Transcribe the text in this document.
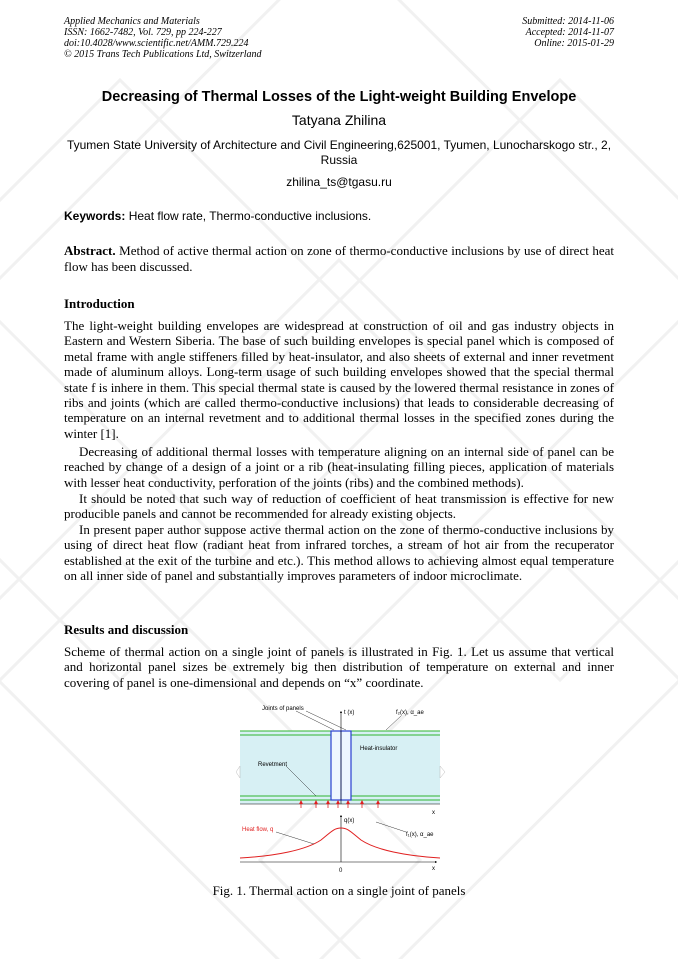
Applied Mechanics and Materials
ISSN: 1662-7482, Vol. 729, pp 224-227
doi:10.4028/www.scientific.net/AMM.729.224
© 2015 Trans Tech Publications Ltd, Switzerland
Submitted: 2014-11-06
Accepted: 2014-11-07
Online: 2015-01-29
Decreasing of Thermal Losses of the Light-weight Building Envelope
Tatyana Zhilina
Tyumen State University of Architecture and Civil Engineering,625001, Tyumen, Lunocharskogo str., 2, Russia
zhilina_ts@tgasu.ru
Keywords: Heat flow rate, Thermo-conductive inclusions.
Abstract. Method of active thermal action on zone of thermo-conductive inclusions by use of direct heat flow has been discussed.
Introduction
The light-weight building envelopes are widespread at construction of oil and gas industry objects in Eastern and Western Siberia. The base of such building envelopes is special panel which is composed of metal frame with angle stiffeners filled by heat-insulator, and also sheets of external and inner revetment made of aluminum alloys. Long-term usage of such building envelopes showed that the special thermal state f is inhere in them. This special thermal state is caused by the lowered thermal resistance in zones of ribs and joints (which are called thermo-conductive inclusions) that leads to considerable decreasing of temperature on an internal revetment and to additional thermal losses in the specified zones during the winter [1].
Decreasing of additional thermal losses with temperature aligning on an internal side of panel can be reached by change of a design of a joint or a rib (heat-insulating filling pieces, application of materials with lesser heat conductivity, perforation of the joints (ribs) and the combined methods).
It should be noted that such way of reduction of coefficient of heat transmission is effective for new producible panels and cannot be recommended for already existing objects.
In present paper author suppose active thermal action on the zone of thermo-conductive inclusions by using of direct heat flow (radiant heat from infrared torches, a stream of hot air from the recuperator established at the exit of the turbine and etc.). This method allows to achieving almost equal temperature on all inner side of panel and substantially improves parameters of indoor microclimate.
Results and discussion
Scheme of thermal action on a single joint of panels is illustrated in Fig. 1. Let us assume that vertical and horizontal panel sizes be extremely big then distribution of temperature on external and inner covering of panel is one-dimensional and depends on “x” coordinate.
Joints of panels
t (x)	f₂(x), α_ae
Heat-insulator
Revetment
x
q(x)
Heat flow, q
f₁(x), α_ae
x
0
Fig. 1. Thermal action on a single joint of panels
